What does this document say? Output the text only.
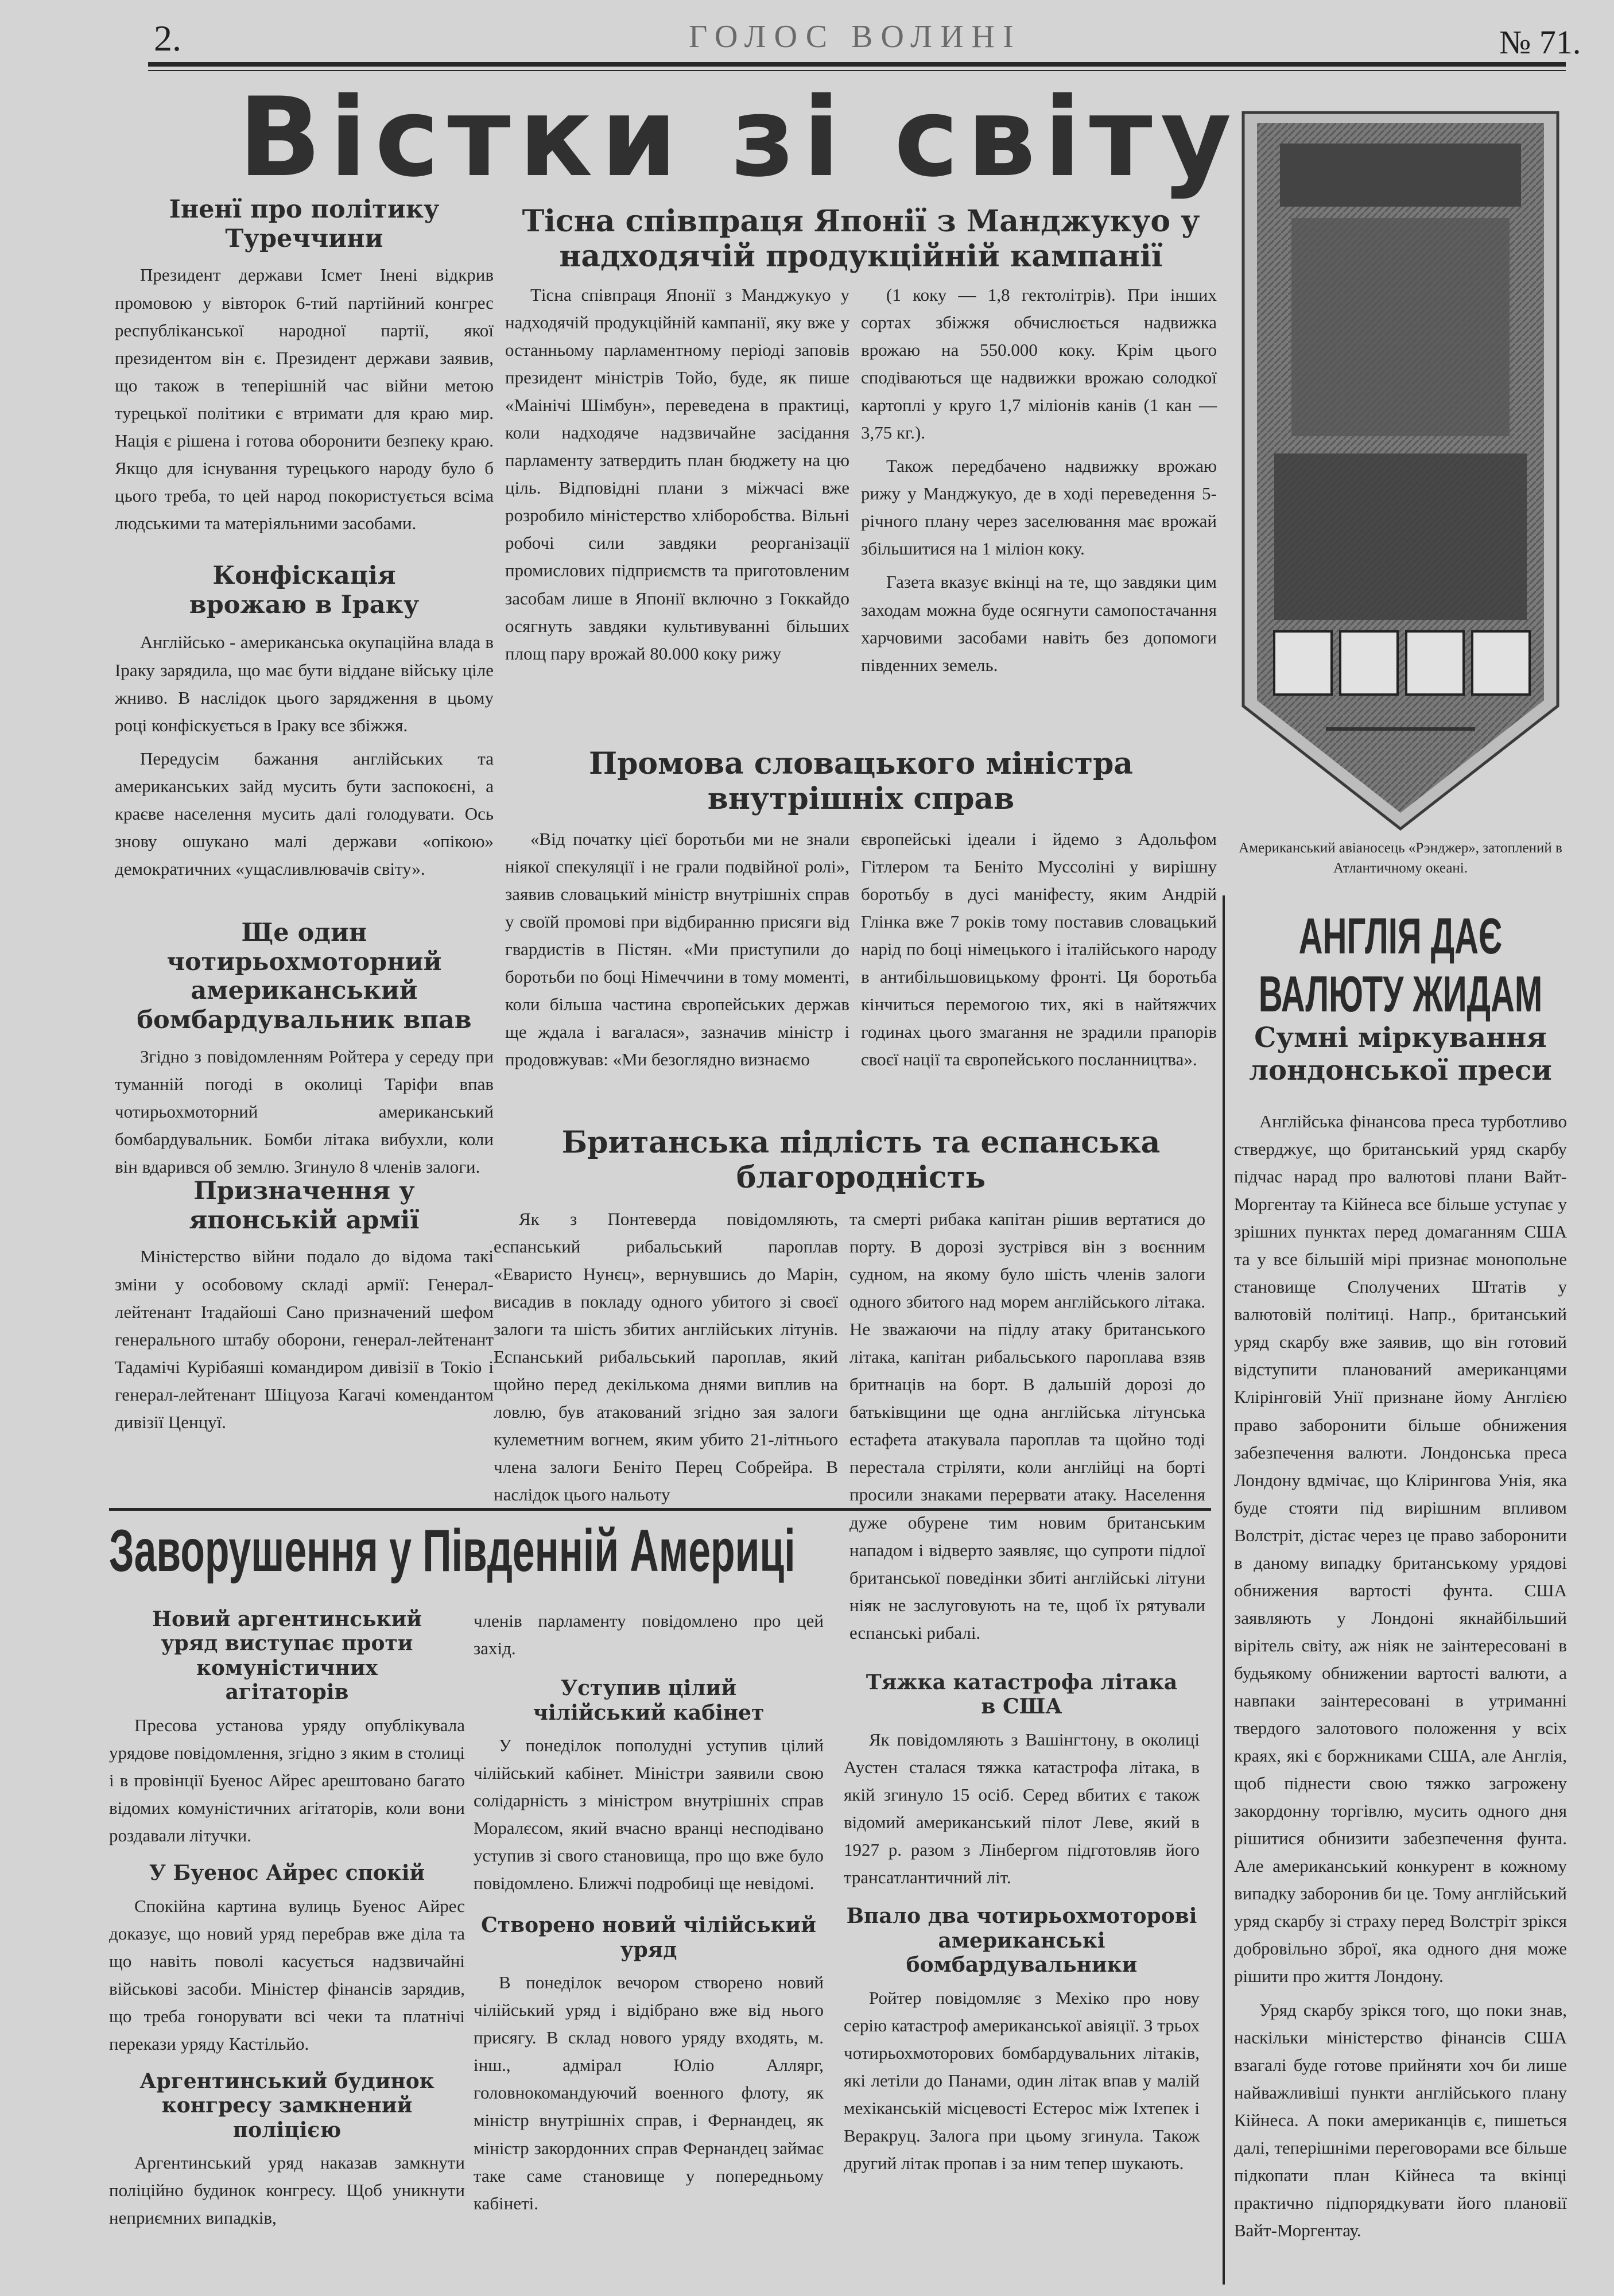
2.	ГОЛОС ВОЛИНІ	№ 71.
Вістки зі світу
Іненї про політику Туреччини

Президент держави Ісмет Інені відкрив промовою у вівторок 6-тий партійний конгрес республіканської народної партії, якої президентом він є. Президент держави заявив, що також в теперішній час війни метою турецької політики є втримати для краю мир. Нація є рішена і готова оборонити безпеку краю. Якщо для існування турецького народу було б цього треба, то цей народ покористується всіма людськими та матеріяльними засобами.

Конфіскація врожаю в Іраку

Англійсько - американська окупаційна влада в Іраку зарядила, що має бути віддане війську ціле жниво. В наслідок цього зарядження в цьому році конфіскується в Іраку все збіжжя.

Передусім бажання англійських та американських зайд мусить бути заспокоєні, а краєве населення мусить далі голодувати. Ось знову ошукано малі держави «опікою» демократичних «ущасливлювачів світу».

Ще один чотирьохмоторний американський бомбардувальник впав

Згідно з повідомленням Ройтера у середу при туманній погоді в околиці Таріфи впав чотирьохмоторний американський бомбардувальник. Бомби літака вибухли, коли він вдарився об землю. Згинуло 8 членів залоги.

Призначення у японській армії

Міністерство війни подало до відома такі зміни у особовому складі армії: Генерал-лейтенант Ітадайоші Сано призначений шефом генерального штабу оборони, генерал-лейтенант Тадамічі Курібаяші командиром дивізії в Токіо і генерал-лейтенант Шіцуоза Кагачі комендантом дивізії Ценцуї.

Тісна співпраця Японії з Манджукуо у надходячій продукційній кампанії

Тісна співпраця Японії з Манджукуо у надходячій продукційній кампанії, яку вже у останньому парламентному періоді заповів президент міністрів Тойо, буде, як пише «Маінічі Шімбун», переведена в практиці, коли надходяче надзвичайне засідання парламенту затвердить план бюджету на цю ціль. Відповідні плани з міжчасі вже розробило міністерство хліборобства. Вільні робочі сили завдяки реорганізації промислових підприємств та приготовленим засобам лише в Японії включно з Гоккайдо осягнуть завдяки культивуванні більших площ пару врожай 80.000 коку рижу

(1 коку — 1,8 гектолітрів). При інших сортах збіжжя обчислюється надвижка врожаю на 550.000 коку. Крім цього сподіваються ще надвижки врожаю солодкої картоплі у круго 1,7 міліонів канів (1 кан — 3,75 кг.).

Також передбачено надвижку врожаю рижу у Манджукуо, де в ході переведення 5-річного плану через заселювання має врожай збільшитися на 1 міліон коку.

Газета вказує вкінці на те, що завдяки цим заходам можна буде осягнути самопостачання харчовими засобами навіть без допомоги південних земель.

Промова словацького міністра внутрішніх справ

«Від початку цієї боротьби ми не знали ніякої спекуляції і не грали подвійної ролі», заявив словацький міністр внутрішніх справ у своїй промові при відбиранню присяги від гвардистів в Пістян. «Ми приступили до боротьби по боці Німеччини в тому моменті, коли більша частина європейських держав ще ждала і вагалася», зазначив міністр і продовжував: «Ми безоглядно визнаємо

європейські ідеали і йдемо з Адольфом Гітлером та Беніто Муссоліні у вирішну боротьбу в дусі маніфесту, яким Андрій Глінка вже 7 років тому поставив словацький нарід по боці німецького і італійського народу в антибільшовицькому фронті. Ця боротьба кінчиться перемогою тих, які в найтяжчих годинах цього змагання не зрадили прапорів своєї нації та європейського посланництва».

Британська підлість та еспанська благородність

Як з Понтеверда повідомляють, еспанський рибальський пароплав «Еваристо Нунєц», вернувшись до Марін, висадив в покладу одного убитого зі своєї залоги та шість збитих англійських літунів. Еспанський рибальський пароплав, який щойно перед декількома днями виплив на ловлю, був атакований згідно зая залоги кулеметним вогнем, яким убито 21-літнього члена залоги Беніто Перец Собрейра. В наслідок цього нальоту

та смерті рибака капітан рішив вертатися до порту. В дорозі зустрівся він з воєнним судном, на якому було шість членів залоги одного збитого над морем англійського літака. Не зважаючи на підлу атаку британського літака, капітан рибальського пароплава взяв бритнаців на борт. В дальшій дорозі до батьківщини ще одна англійська літунська естафета атакувала пароплав та щойно тоді перестала стріляти, коли англійці на борті просили знаками перервати атаку. Населення дуже обурене тим новим британським нападом і відверто заявляє, що супроти підлої британської поведінки збиті англійські літуни ніяк не заслуговують на те, щоб їх рятували еспанські рибалі.

Американський авіаносець «Рэнджер», затоплений в Атлантичному океані.
АНГЛІЯ ДАЄ ВАЛЮТУ ЖИДАМ
Сумні міркування лондонської преси

Англійська фінансова преса турботливо стверджує, що британський уряд скарбу підчас нарад про валютові плани Вайт-Моргентау та Кійнеса все більше уступає у зрішних пунктах перед домаганням США та у все більшій мірі признає монопольне становище Сполучених Штатів у валютовій політиці. Напр., британський уряд скарбу вже заявив, що він готовий відступити планований американцями Клірінговій Унії признане йому Англією право заборонити більше обнижения забезпечення валюти. Лондонська преса Лондону вдмічає, що Клірингова Унія, яка буде стояти під вирішним впливом Волстріт, дістає через це право заборонити в даному випадку британському урядові обнижения вартості фунта. США заявляють у Лондоні якнайбільший вірітель світу, аж ніяк не заінтересовані в будьякому обнижении вартості валюти, а навпаки заінтересовані в утриманні твердого залотового положення у всіх краях, які є боржниками США, але Англія, щоб піднести свою тяжко загрожену закордонну торгівлю, мусить одного дня рішитися обнизити забезпечення фунта. Але американський конкурент в кожному випадку заборонив би це. Тому англійський уряд скарбу зі страху перед Волстріт зрікся добровільно зброї, яка одного дня може рішити про життя Лондону.

Уряд скарбу зрікся того, що поки знав, наскільки міністерство фінансів США взагалі буде готове прийняти хоч би лише найважливіші пункти англійського плану Кійнеса. А поки американців є, пишеться далі, теперішніми переговорами все більше підкопати план Кійнеса та вкінці практично підпорядкувати його плановії Вайт-Моргентау.

Заворушення у Південній Америці
Новий аргентинський уряд виступає проти комуністичних агітаторів

Пресова установа уряду опублікувала урядове повідомлення, згідно з яким в столиці і в провінції Буенос Айрес арештовано багато відомих комуністичних агітаторів, коли вони роздавали літучки.

У Буенос Айрес спокій

Спокійна картина вулиць Буенос Айрес доказує, що новий уряд перебрав вже діла та що навіть поволі касується надзвичайні військові засоби. Міністер фінансів зарядив, що треба гонорувати всі чеки та платнічі перекази уряду Кастільйо.

Аргентинський будинок конгресу замкнений поліцією

Аргентинський уряд наказав замкнути поліційно будинок конгресу. Щоб уникнути неприємних випадків,

членів парламенту повідомлено про цей захід.

Уступив цілий чілійський кабінет

У понеділок пополудні уступив цілий чілійський кабінет. Міністри заявили свою солідарність з міністром внутрішніх справ Моралєсом, який вчасно вранці несподівано уступив зі свого становища, про що вже було повідомлено. Ближчі подробиці ще невідомі.

Створено новий чілійський уряд

В понеділок вечором створено новий чілійський уряд і відібрано вже від нього присягу. В склад нового уряду входять, м. інш., адмірал Юліо Аллярг, головнокомандуючий военного флоту, як міністр внутрішніх справ, і Фернандец, як міністр закордонних справ Фернандец займає таке саме становище у попередньому кабінеті.

Тяжка катастрофа літака в США

Як повідомляють з Вашінгтону, в околиці Аустен сталася тяжка катастрофа літака, в якій згинуло 15 осіб. Серед вбитих є також відомий американський пілот Леве, який в 1927 р. разом з Лінбергом підготовляв його трансатлантичний літ.

Впало два чотирьохмоторові американські бомбардувальники

Ройтер повідомляє з Мехіко про нову серію катастроф американської авіяції. З трьох чотирьохмоторових бомбардувальних літаків, які летіли до Панами, один літак впав у малій мехіканській місцевості Естерос між Іхтепек і Веракруц. Залога при цьому згинула. Також другий літак пропав і за ним тепер шукають.
